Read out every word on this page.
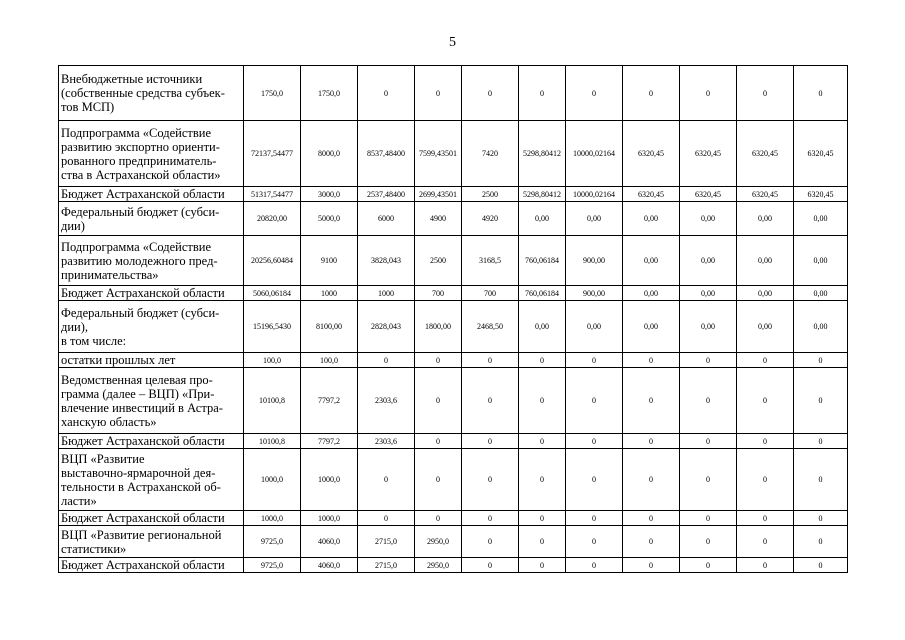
5
Внебюджетные источники
(собственные средства субъек-
тов МСП)	1750,0	1750,0	0	0	0	0	0	0	0	0	0
Подпрограмма «Содействие
развитию экспортно ориенти-
рованного предприниматель-
ства в Астраханской области»	72137,54477	8000,0	8537,48400	7599,43501	7420	5298,80412	10000,02164	6320,45	6320,45	6320,45	6320,45
Бюджет Астраханской области	51317,54477	3000,0	2537,48400	2699,43501	2500	5298,80412	10000,02164	6320,45	6320,45	6320,45	6320,45
Федеральный бюджет (субси-
дии)	20820,00	5000,0	6000	4900	4920	0,00	0,00	0,00	0,00	0,00	0,00
Подпрограмма «Содействие
развитию молодежного пред-
принимательства»	20256,60484	9100	3828,043	2500	3168,5	760,06184	900,00	0,00	0,00	0,00	0,00
Бюджет Астраханской области	5060,06184	1000	1000	700	700	760,06184	900,00	0,00	0,00	0,00	0,00
Федеральный бюджет (субси-
дии),
в том числе:	15196,5430	8100,00	2828,043	1800,00	2468,50	0,00	0,00	0,00	0,00	0,00	0,00
остатки прошлых лет	100,0	100,0	0	0	0	0	0	0	0	0	0
Ведомственная целевая про-
грамма (далее – ВЦП) «При-
влечение инвестиций в Астра-
ханскую область»	10100,8	7797,2	2303,6	0	0	0	0	0	0	0	0
Бюджет Астраханской области	10100,8	7797,2	2303,6	0	0	0	0	0	0	0	0
ВЦП «Развитие
выставочно-ярмарочной дея-
тельности в Астраханской об-
ласти»	1000,0	1000,0	0	0	0	0	0	0	0	0	0
Бюджет Астраханской области	1000,0	1000,0	0	0	0	0	0	0	0	0	0
ВЦП «Развитие региональной
статистики»	9725,0	4060,0	2715,0	2950,0	0	0	0	0	0	0	0
Бюджет Астраханской области	9725,0	4060,0	2715,0	2950,0	0	0	0	0	0	0	0
